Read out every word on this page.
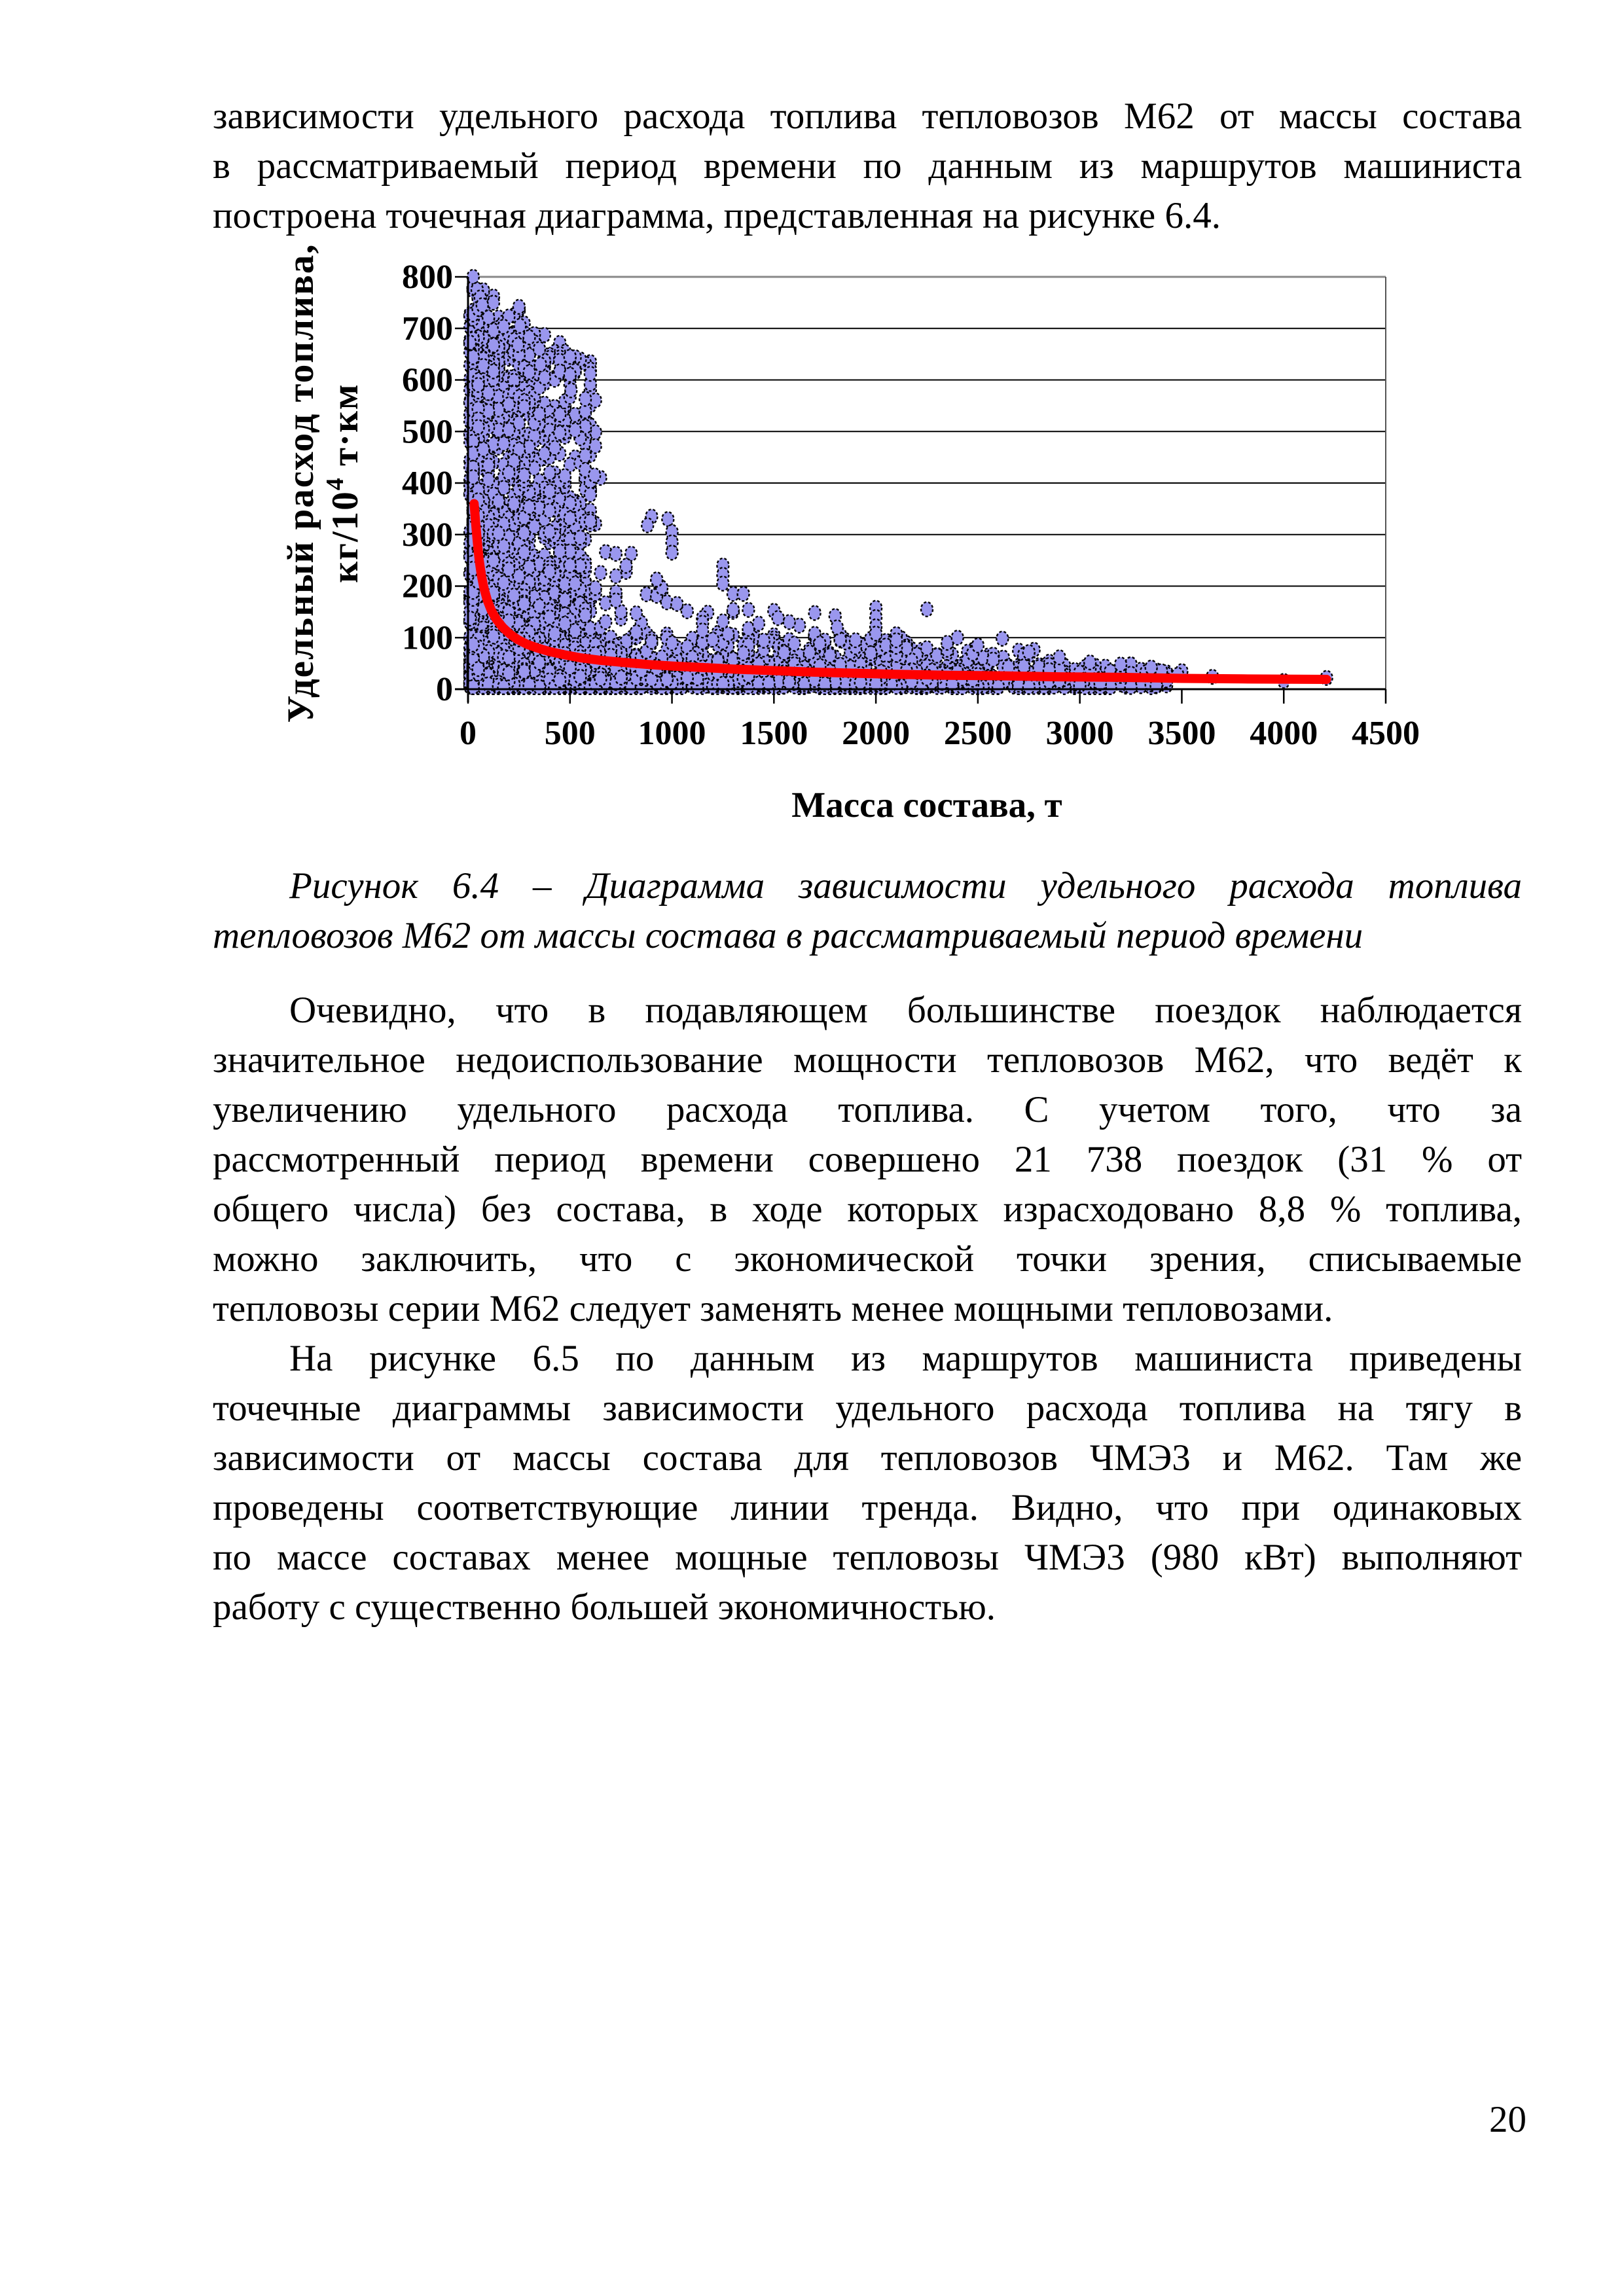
зависимости удельного расхода топлива тепловозов М62 от массы состава
в рассматриваемый период времени по данным из маршрутов машиниста
построена точечная диаграмма, представленная на рисунке 6.4.
0
100
200
300
400
500
600
700
800
0 500 1000 1500 2000 2500 3000 3500 4000 4500
Масса состава, т
Удельный расход топлива, $кг/10^4$ т·км
Рисунок 6.4 – Диаграмма зависимости удельного расхода топлива
тепловозов М62 от массы состава в рассматриваемый период времени
Очевидно, что в подавляющем большинстве поездок наблюдается
значительное недоиспользование мощности тепловозов М62, что ведёт к
увеличению удельного расхода топлива. С учетом того, что за
рассмотренный период времени совершено 21 738 поездок (31 % от
общего числа) без состава, в ходе которых израсходовано 8,8 % топлива,
можно заключить, что с экономической точки зрения, списываемые
тепловозы серии М62 следует заменять менее мощными тепловозами.
На рисунке 6.5 по данным из маршрутов машиниста приведены
точечные диаграммы зависимости удельного расхода топлива на тягу в
зависимости от массы состава для тепловозов ЧМЭ3 и М62. Там же
проведены соответствующие линии тренда. Видно, что при одинаковых
по массе составах менее мощные тепловозы ЧМЭ3 (980 кВт) выполняют
работу с существенно большей экономичностью.
20
